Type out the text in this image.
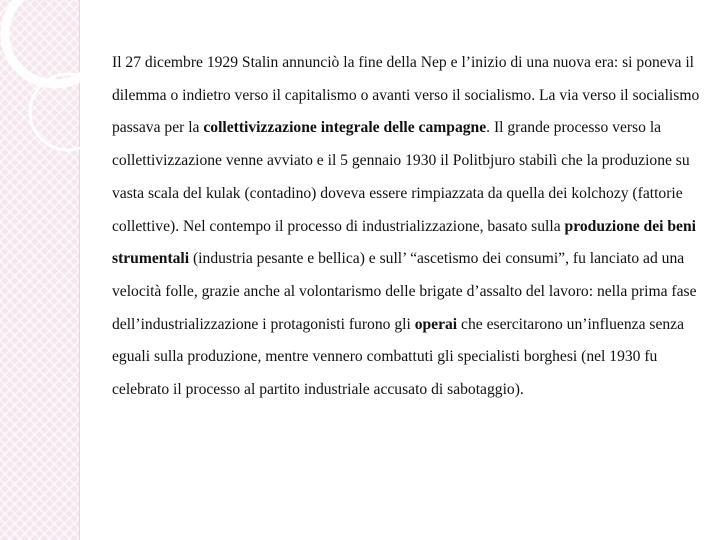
Il 27 dicembre 1929 Stalin annunciò la fine della Nep e l’inizio di una nuova era: si poneva il dilemma o indietro verso il capitalismo o avanti verso il socialismo. La via verso il socialismo passava per la collettivizzazione integrale delle campagne. Il grande processo verso la collettivizzazione venne avviato e il 5 gennaio 1930 il Politbjuro stabilì che la produzione su vasta scala del kulak (contadino) doveva essere rimpiazzata da quella dei kolchozy (fattorie collettive). Nel contempo il processo di industrializzazione, basato sulla produzione dei beni strumentali (industria pesante e bellica) e sull’ “ascetismo dei consumi”, fu lanciato ad una velocità folle, grazie anche al volontarismo delle brigate d’assalto del lavoro: nella prima fase dell’industrializzazione i protagonisti furono gli operai che esercitarono un’influenza senza eguali sulla produzione, mentre vennero combattuti gli specialisti borghesi (nel 1930 fu celebrato il processo al partito industriale accusato di sabotaggio).
